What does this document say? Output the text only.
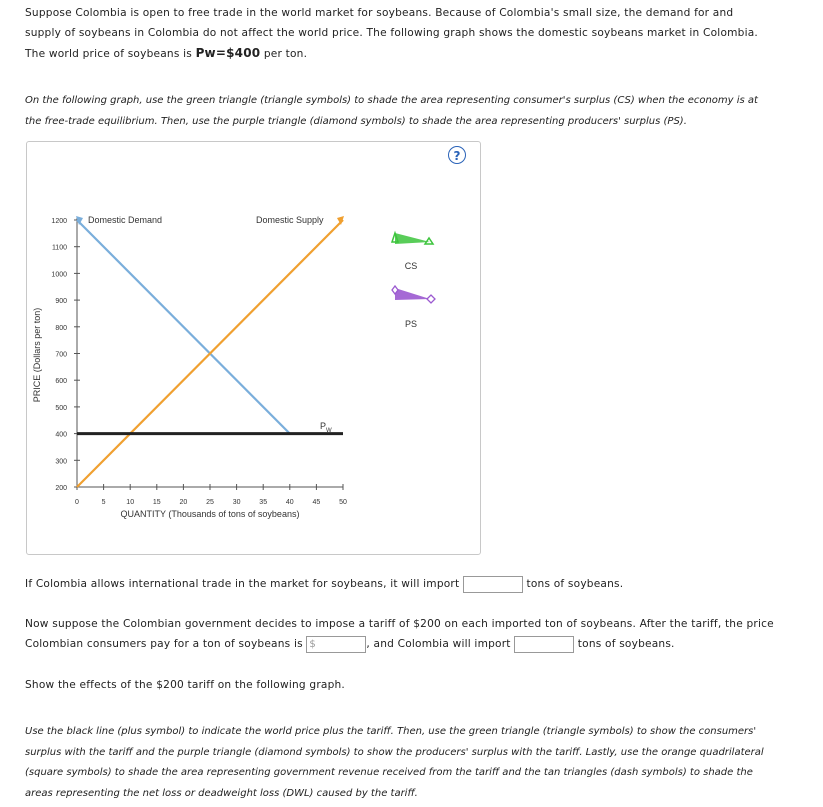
Suppose Colombia is open to free trade in the world market for soybeans. Because of Colombia's small size, the demand for and
supply of soybeans in Colombia do not affect the world price. The following graph shows the domestic soybeans market in Colombia.
The world price of soybeans is Pw=$400 per ton.
On the following graph, use the green triangle (triangle symbols) to shade the area representing consumer's surplus (CS) when the economy is at
the free-trade equilibrium. Then, use the purple triangle (diamond symbols) to shade the area representing producers' surplus (PS).
?
1200
1100
1000
900
800
700
600
500
400
300
200
0	5	10	15	20	25	30	35	40	45	50
PRICE (Dollars per ton)
QUANTITY (Thousands of tons of soybeans)
Domestic Demand	Domestic Supply
$P_W$
CS
PS
If Colombia allows international trade in the market for soybeans, it will import	tons of soybeans.
Now suppose the Colombian government decides to impose a tariff of $200 on each imported ton of soybeans. After the tariff, the price
Colombian consumers pay for a ton of soybeans is $	, and Colombia will import	tons of soybeans.
Show the effects of the $200 tariff on the following graph.
Use the black line (plus symbol) to indicate the world price plus the tariff. Then, use the green triangle (triangle symbols) to show the consumers'
surplus with the tariff and the purple triangle (diamond symbols) to show the producers' surplus with the tariff. Lastly, use the orange quadrilateral
(square symbols) to shade the area representing government revenue received from the tariff and the tan triangles (dash symbols) to shade the
areas representing the net loss or deadweight loss (DWL) caused by the tariff.
